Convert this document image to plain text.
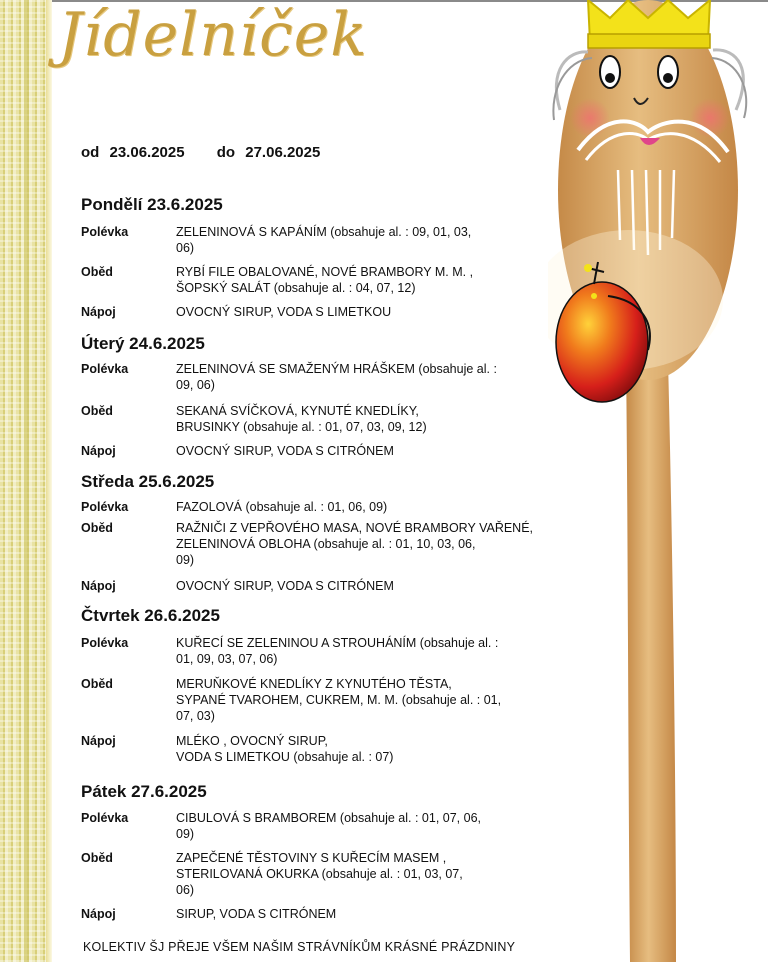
Jídelníček
od 23.06.2025 do 27.06.2025
Pondělí 23.6.2025
Polévka	ZELENINOVÁ S KAPÁNÍM (obsahuje al. : 09, 01, 03,
06)
Oběd	RYBÍ FILE OBALOVANÉ, NOVÉ BRAMBORY M. M. ,
ŠOPSKÝ SALÁT (obsahuje al. : 04, 07, 12)
Nápoj	OVOCNÝ SIRUP, VODA S LIMETKOU
Úterý 24.6.2025
Polévka	ZELENINOVÁ SE SMAŽENÝM HRÁŠKEM (obsahuje al. :
09, 06)
Oběd	SEKANÁ SVÍČKOVÁ, KYNUTÉ KNEDLÍKY,
BRUSINKY (obsahuje al. : 01, 07, 03, 09, 12)
Nápoj	OVOCNÝ SIRUP, VODA S CITRÓNEM
Středa 25.6.2025
Polévka	FAZOLOVÁ (obsahuje al. : 01, 06, 09)
Oběd	RAŽNIČI Z VEPŘOVÉHO MASA, NOVÉ BRAMBORY VAŘENÉ,
ZELENINOVÁ OBLOHA (obsahuje al. : 01, 10, 03, 06,
09)
Nápoj	OVOCNÝ SIRUP, VODA S CITRÓNEM
Čtvrtek 26.6.2025
Polévka	KUŘECÍ SE ZELENINOU A STROUHÁNÍM (obsahuje al. :
01, 09, 03, 07, 06)
Oběd	MERUŇKOVÉ KNEDLÍKY Z KYNUTÉHO TĚSTA,
SYPANÉ TVAROHEM, CUKREM, M. M. (obsahuje al. : 01,
07, 03)
Nápoj	MLÉKO , OVOCNÝ SIRUP,
VODA S LIMETKOU (obsahuje al. : 07)
Pátek 27.6.2025
Polévka	CIBULOVÁ S BRAMBOREM (obsahuje al. : 01, 07, 06,
09)
Oběd	ZAPEČENÉ TĚSTOVINY S KUŘECÍM MASEM ,
STERILOVANÁ OKURKA (obsahuje al. : 01, 03, 07,
06)
Nápoj	SIRUP, VODA S CITRÓNEM
KOLEKTIV ŠJ PŘEJE VŠEM NAŠIM STRÁVNÍKŮM KRÁSNÉ PRÁZDNINY
